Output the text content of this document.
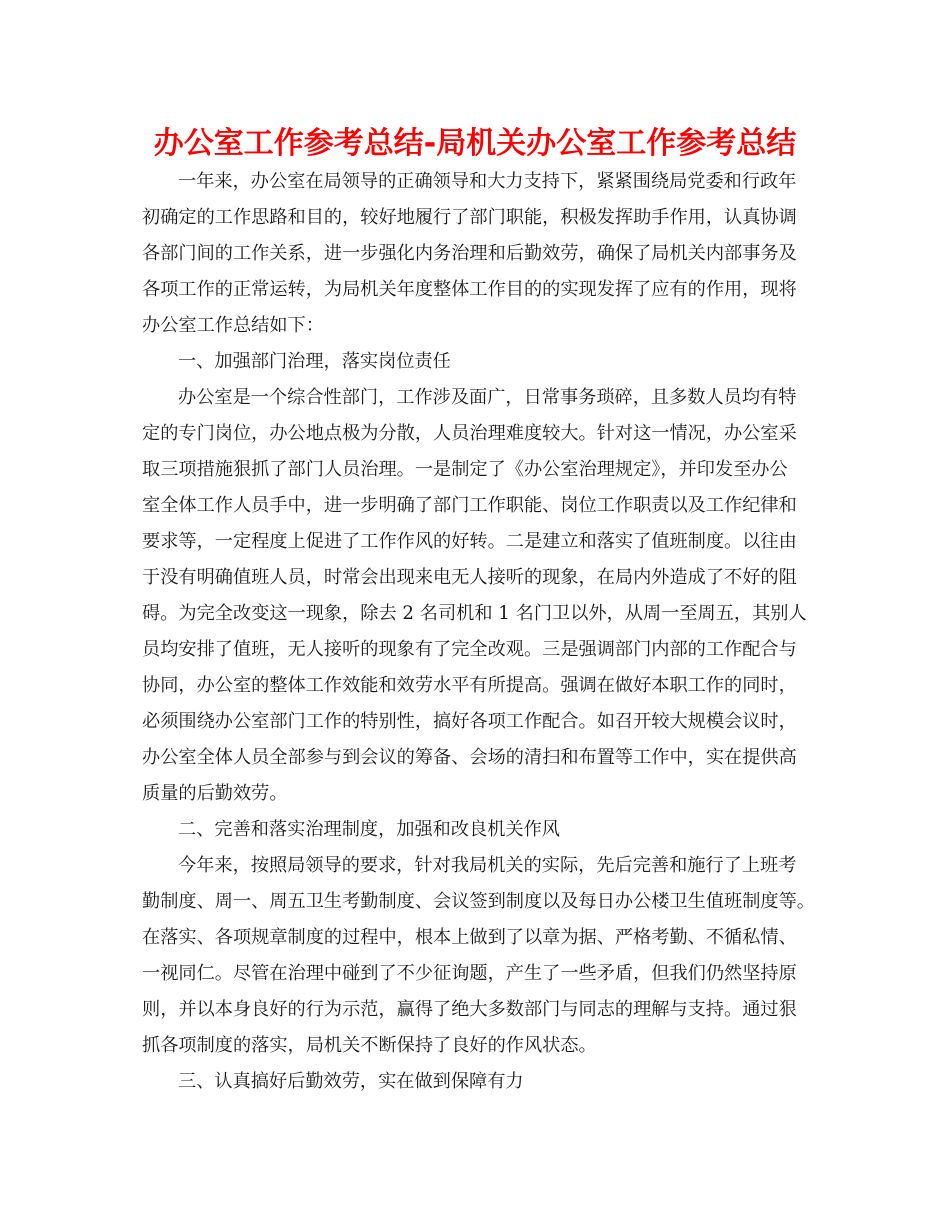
办公室工作参考总结-局机关办公室工作参考总结
一年来，办公室在局领导的正确领导和大力支持下，紧紧围绕局党委和行政年
初确定的工作思路和目的，较好地履行了部门职能，积极发挥助手作用，认真协调
各部门间的工作关系，进一步强化内务治理和后勤效劳，确保了局机关内部事务及
各项工作的正常运转，为局机关年度整体工作目的的实现发挥了应有的作用，现将
办公室工作总结如下：
一、加强部门治理，落实岗位责任
办公室是一个综合性部门，工作涉及面广，日常事务琐碎，且多数人员均有特
定的专门岗位，办公地点极为分散，人员治理难度较大。针对这一情况，办公室采
取三项措施狠抓了部门人员治理。一是制定了《办公室治理规定》，并印发至办公
室全体工作人员手中，进一步明确了部门工作职能、岗位工作职责以及工作纪律和
要求等，一定程度上促进了工作作风的好转。二是建立和落实了值班制度。以往由
于没有明确值班人员，时常会出现来电无人接听的现象，在局内外造成了不好的阻
碍。为完全改变这一现象，除去 2 名司机和 1 名门卫以外，从周一至周五，其别人
员均安排了值班，无人接听的现象有了完全改观。三是强调部门内部的工作配合与
协同，办公室的整体工作效能和效劳水平有所提高。强调在做好本职工作的同时，
必须围绕办公室部门工作的特别性，搞好各项工作配合。如召开较大规模会议时，
办公室全体人员全部参与到会议的筹备、会场的清扫和布置等工作中，实在提供高
质量的后勤效劳。
二、完善和落实治理制度，加强和改良机关作风
今年来，按照局领导的要求，针对我局机关的实际，先后完善和施行了上班考
勤制度、周一、周五卫生考勤制度、会议签到制度以及每日办公楼卫生值班制度等。
在落实、各项规章制度的过程中，根本上做到了以章为据、严格考勤、不循私情、
一视同仁。尽管在治理中碰到了不少征询题，产生了一些矛盾，但我们仍然坚持原
则，并以本身良好的行为示范，赢得了绝大多数部门与同志的理解与支持。通过狠
抓各项制度的落实，局机关不断保持了良好的作风状态。
三、认真搞好后勤效劳，实在做到保障有力
